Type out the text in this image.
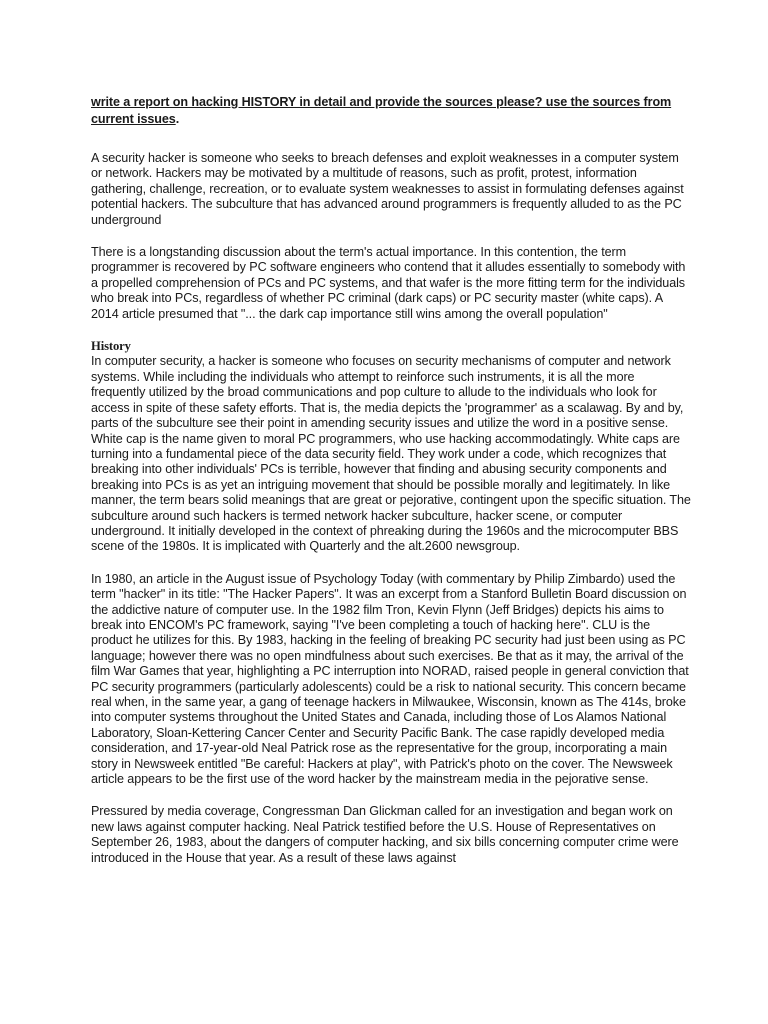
write a report on hacking HISTORY in detail and provide the sources please? use the sources from current issues.

A security hacker is someone who seeks to breach defenses and exploit weaknesses in a computer system or network. Hackers may be motivated by a multitude of reasons, such as profit, protest, information gathering, challenge, recreation, or to evaluate system weaknesses to assist in formulating defenses against potential hackers. The subculture that has advanced around programmers is frequently alluded to as the PC underground

There is a longstanding discussion about the term's actual importance. In this contention, the term programmer is recovered by PC software engineers who contend that it alludes essentially to somebody with a propelled comprehension of PCs and PC systems, and that wafer is the more fitting term for the individuals who break into PCs, regardless of whether PC criminal (dark caps) or PC security master (white caps). A 2014 article presumed that "... the dark cap importance still wins among the overall population"

History

In computer security, a hacker is someone who focuses on security mechanisms of computer and network systems. While including the individuals who attempt to reinforce such instruments, it is all the more frequently utilized by the broad communications and pop culture to allude to the individuals who look for access in spite of these safety efforts. That is, the media depicts the 'programmer' as a scalawag. By and by, parts of the subculture see their point in amending security issues and utilize the word in a positive sense. White cap is the name given to moral PC programmers, who use hacking accommodatingly. White caps are turning into a fundamental piece of the data security field. They work under a code, which recognizes that breaking into other individuals' PCs is terrible, however that finding and abusing security components and breaking into PCs is as yet an intriguing movement that should be possible morally and legitimately. In like manner, the term bears solid meanings that are great or pejorative, contingent upon the specific situation. The subculture around such hackers is termed network hacker subculture, hacker scene, or computer underground. It initially developed in the context of phreaking during the 1960s and the microcomputer BBS scene of the 1980s. It is implicated with Quarterly and the alt.2600 newsgroup.

In 1980, an article in the August issue of Psychology Today (with commentary by Philip Zimbardo) used the term "hacker" in its title: "The Hacker Papers". It was an excerpt from a Stanford Bulletin Board discussion on the addictive nature of computer use. In the 1982 film Tron, Kevin Flynn (Jeff Bridges) depicts his aims to break into ENCOM's PC framework, saying "I've been completing a touch of hacking here". CLU is the product he utilizes for this. By 1983, hacking in the feeling of breaking PC security had just been using as PC language; however there was no open mindfulness about such exercises. Be that as it may, the arrival of the film War Games that year, highlighting a PC interruption into NORAD, raised people in general conviction that PC security programmers (particularly adolescents) could be a risk to national security. This concern became real when, in the same year, a gang of teenage hackers in Milwaukee, Wisconsin, known as The 414s, broke into computer systems throughout the United States and Canada, including those of Los Alamos National Laboratory, Sloan-Kettering Cancer Center and Security Pacific Bank. The case rapidly developed media consideration, and 17-year-old Neal Patrick rose as the representative for the group, incorporating a main story in Newsweek entitled "Be careful: Hackers at play", with Patrick's photo on the cover. The Newsweek article appears to be the first use of the word hacker by the mainstream media in the pejorative sense.

Pressured by media coverage, Congressman Dan Glickman called for an investigation and began work on new laws against computer hacking. Neal Patrick testified before the U.S. House of Representatives on September 26, 1983, about the dangers of computer hacking, and six bills concerning computer crime were introduced in the House that year. As a result of these laws against
